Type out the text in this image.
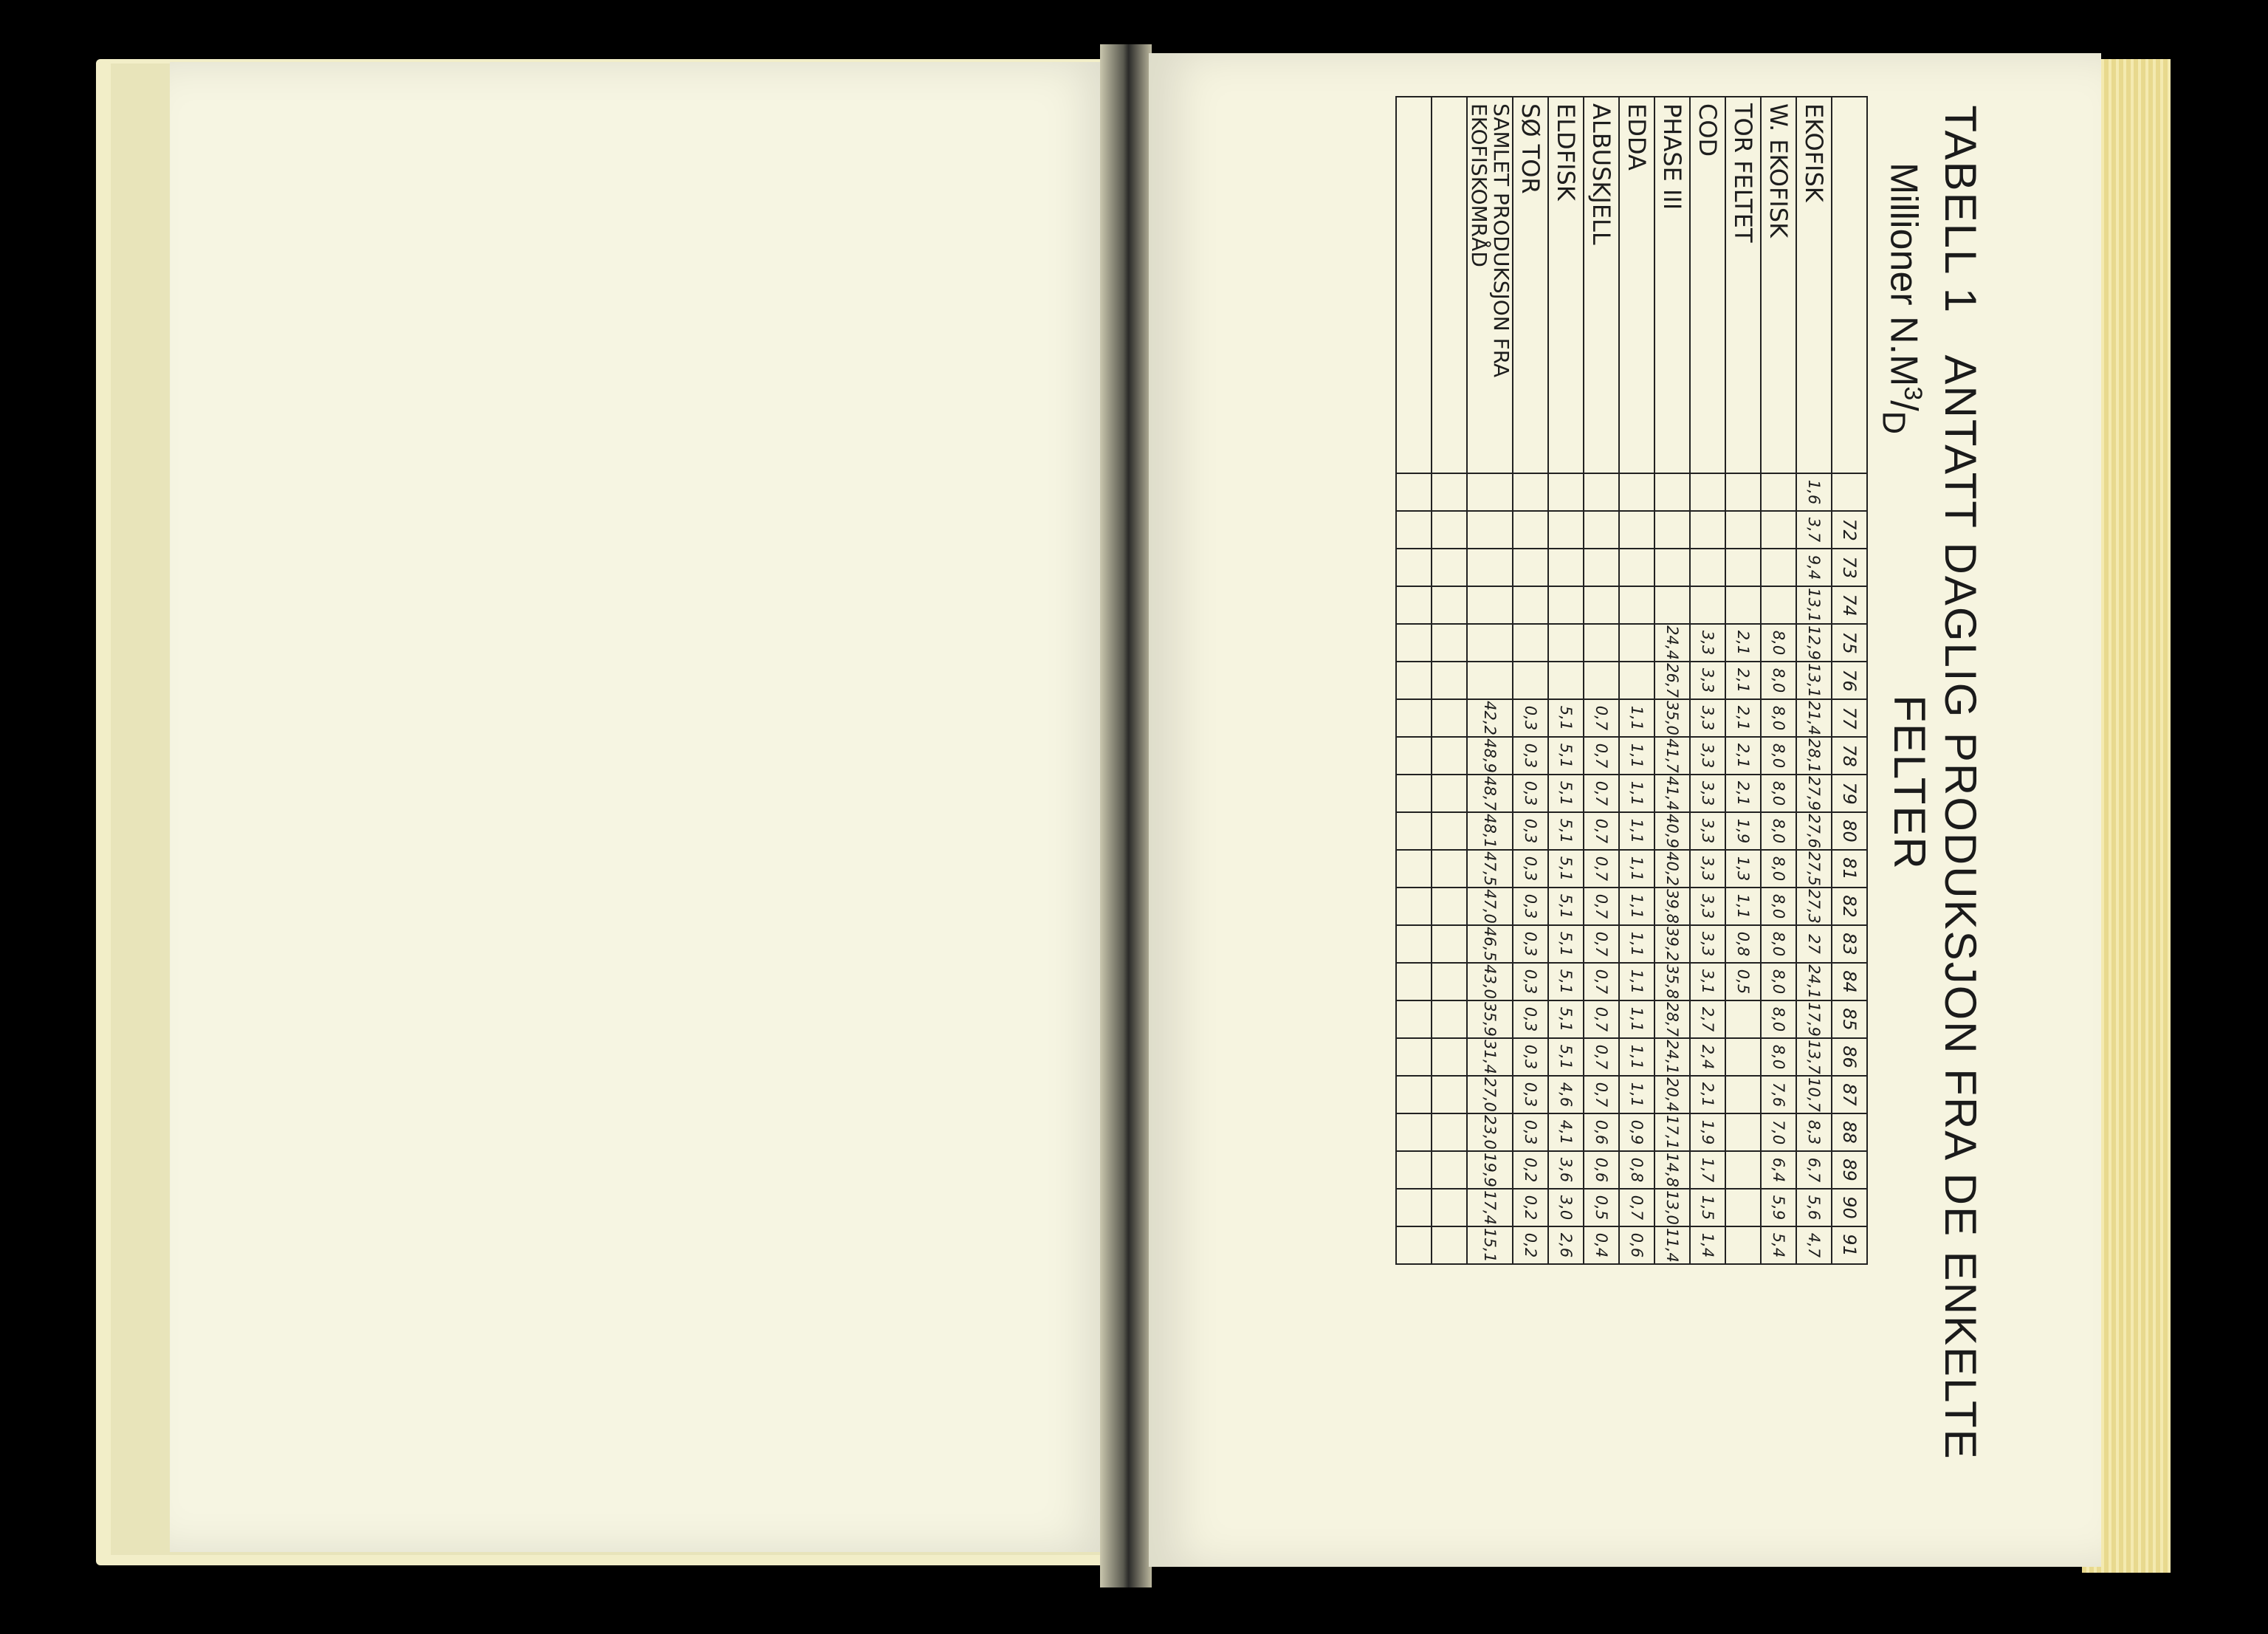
TABELL 1 ANTATT DAGLIG PRODUKSJON FRA DE ENKELTE FELTER
Millioner $N.M^3/_D$
		72	73	74	75	76	77	78	79	80	81	82	83	84	85	86	87	88	89	90	91
EKOFISK	1,6	3,7	9,4	13,1	12,9	13,1	21,4	28,1	27,9	27,6	27,5	27,3	27	24,1	17,9	13,7	10,7	8,3	6,7	5,6	4,7
W. EKOFISK					8,0	8,0	8,0	8,0	8,0	8,0	8,0	8,0	8,0	8,0	8,0	8,0	7,6	7,0	6,4	5,9	5,4
TOR FELTET					2,1	2,1	2,1	2,1	2,1	1,9	1,3	1,1	0,8	0,5							
COD					3,3	3,3	3,3	3,3	3,3	3,3	3,3	3,3	3,3	3,1	2,7	2,4	2,1	1,9	1,7	1,5	1,4
PHASE III					24,4	26,7	35,0	41,7	41,4	40,9	40,2	39,8	39,2	35,8	28,7	24,1	20,4	17,1	14,8	13,0	11,4
EDDA							1,1	1,1	1,1	1,1	1,1	1,1	1,1	1,1	1,1	1,1	1,1	0,9	0,8	0,7	0,6
ALBUSKJELL							0,7	0,7	0,7	0,7	0,7	0,7	0,7	0,7	0,7	0,7	0,7	0,6	0,6	0,5	0,4
ELDFISK							5,1	5,1	5,1	5,1	5,1	5,1	5,1	5,1	5,1	5,1	4,6	4,1	3,6	3,0	2,6
SØ TOR							0,3	0,3	0,3	0,3	0,3	0,3	0,3	0,3	0,3	0,3	0,3	0,3	0,2	0,2	0,2
SAMLET PRODUKSJON FRA EKOFISKOMRÅD							42,2	48,9	48,7	48,1	47,5	47,0	46,5	43,0	35,9	31,4	27,0	23,0	19,9	17,4	15,1
